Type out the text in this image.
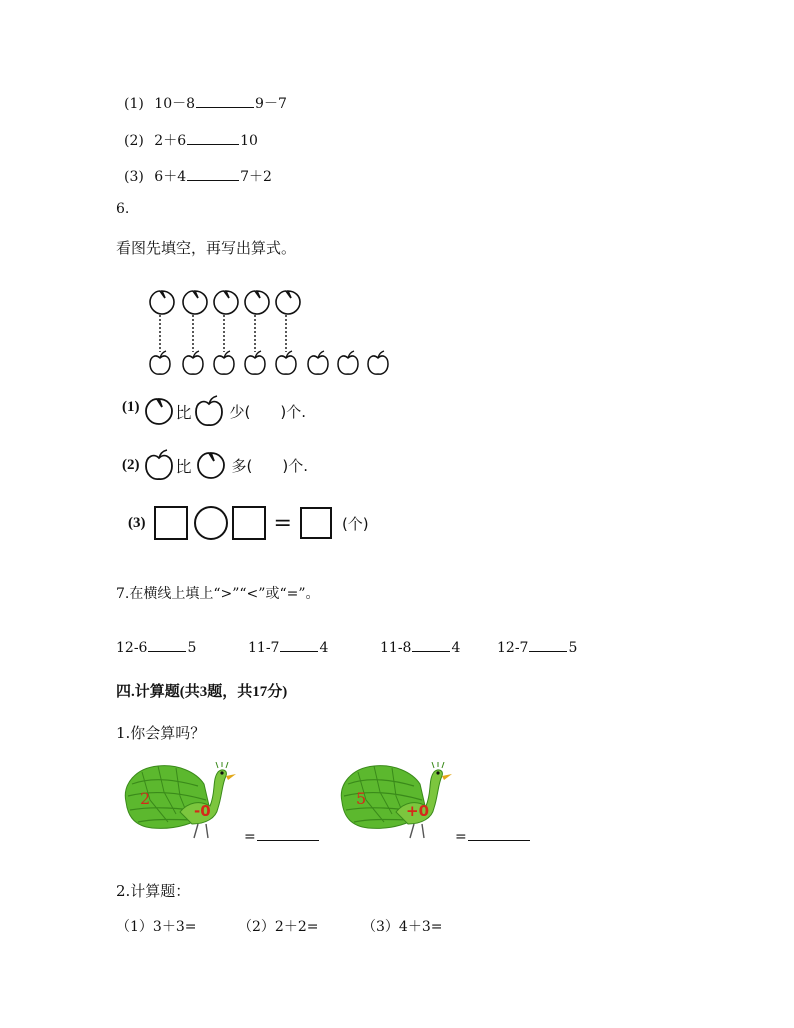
(1) 10－8	9－7
(2) 2＋6	10
(3) 6＋4	7＋2
6.
看图先填空，再写出算式。
(1) 比	少(　　)个.
(2) 比	多(　　)个.
(3)	=	(个)
7.在横线上填上“>”“<”或“=”。
12-6	5	11-7	4	11-8	4	12-7	5
四.计算题(共3题，共17分)
1.你会算吗？
2
-0
=
5
+0
=
2.计算题：
（1）3＋3=	（2）2＋2=	（3）4＋3=
